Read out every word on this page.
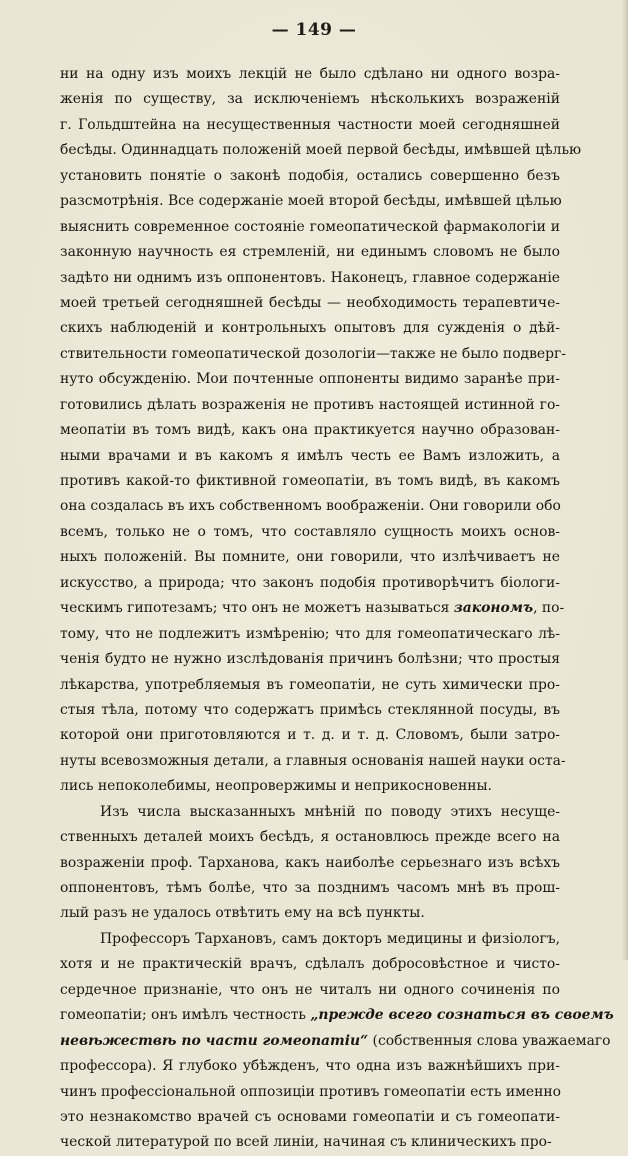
— 149 —
ни на одну изъ моихъ лекцій не было сдѣлано ни одного возра-
женія по существу, за исключеніемъ нѣсколькихъ возраженій
г. Гольдштейна на несущественныя частности моей сегодняшней
бесѣды. Одиннадцать положеній моей первой бесѣды, имѣвшей цѣлью
установить понятіе о законѣ подобія, остались совершенно безъ
разсмотрѣнія. Все содержаніе моей второй бесѣды, имѣвшей цѣлью
выяснить современное состояніе гомеопатической фармакологіи и
законную научность ея стремленій, ни единымъ словомъ не было
задѣто ни однимъ изъ оппонентовъ. Наконецъ, главное содержаніе
моей третьей сегодняшней бесѣды — необходимость терапевтиче-
скихъ наблюденій и контрольныхъ опытовъ для сужденія о дѣй-
ствительности гомеопатической дозологіи—также не было подверг-
нуто обсужденію. Мои почтенные оппоненты видимо заранѣе при-
готовились дѣлать возраженія не противъ настоящей истинной го-
меопатіи въ томъ видѣ, какъ она практикуется научно образован-
ными врачами и въ какомъ я имѣлъ честь ее Вамъ изложить, а
противъ какой-то фиктивной гомеопатіи, въ томъ видѣ, въ какомъ
она создалась въ ихъ собственномъ воображеніи. Они говорили обо
всемъ, только не о томъ, что составляло сущность моихъ основ-
ныхъ положеній. Вы помните, они говорили, что излѣчиваетъ не
искусство, а природа; что законъ подобія противорѣчитъ біологи-
ческимъ гипотезамъ; что онъ не можетъ называться закономъ, по-
тому, что не подлежитъ измѣренію; что для гомеопатическаго лѣ-
ченія будто не нужно изслѣдованія причинъ болѣзни; что простыя
лѣкарства, употребляемыя въ гомеопатіи, не суть химически про-
стыя тѣла, потому что содержатъ примѣсь стеклянной посуды, въ
которой они приготовляются и т. д. и т. д. Словомъ, были затро-
нуты всевозможныя детали, а главныя основанія нашей науки оста-
лись непоколебимы, неопровержимы и неприкосновенны.
Изъ числа высказанныхъ мнѣній по поводу этихъ несуще-
ственныхъ деталей моихъ бесѣдъ, я остановлюсь прежде всего на
возраженіи проф. Тарханова, какъ наиболѣе серьезнаго изъ всѣхъ
оппонентовъ, тѣмъ болѣе, что за позднимъ часомъ мнѣ въ прош-
лый разъ не удалось отвѣтить ему на всѣ пункты.
Профессоръ Тархановъ, самъ докторъ медицины и физіологъ,
хотя и не практическій врачъ, сдѣлалъ добросовѣстное и чисто-
сердечное признаніе, что онъ не читалъ ни одного сочиненія по
гомеопатіи; онъ имѣлъ честность „прежде всего сознаться въ своемъ
невѣжествѣ по части гомеопатіи“ (собственныя слова уважаемаго
профессора). Я глубоко убѣжденъ, что одна изъ важнѣйшихъ при-
чинъ профессіональной оппозиціи противъ гомеопатіи есть именно
это незнакомство врачей съ основами гомеопатіи и съ гомеопати-
ческой литературой по всей линіи, начиная съ клиническихъ про-
